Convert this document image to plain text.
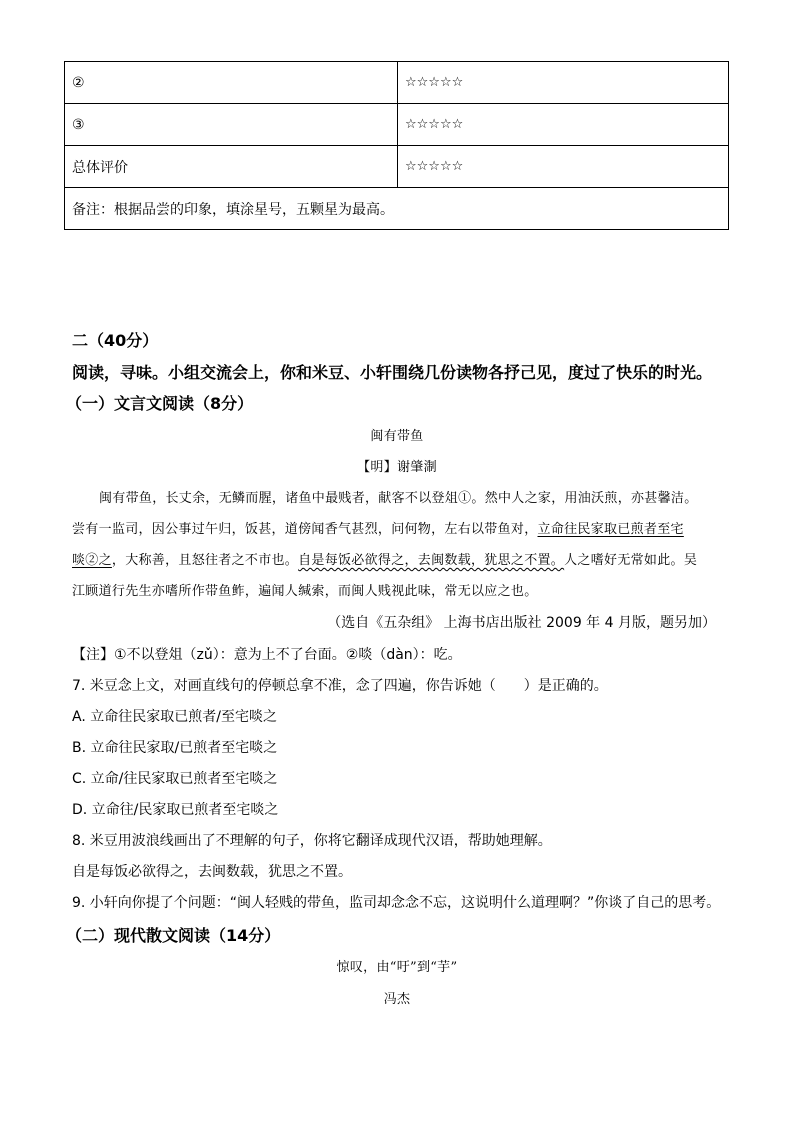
②	☆☆☆☆☆
③	☆☆☆☆☆
总体评价	☆☆☆☆☆
备注：根据品尝的印象，填涂星号，五颗星为最高。	
二（40分）
阅读，寻味。小组交流会上，你和米豆、小轩围绕几份读物各抒己见，度过了快乐的时光。
（一）文言文阅读（8分）
闽有带鱼
【明】谢肇淛
闽有带鱼，长丈余，无鳞而腥，诸鱼中最贱者，献客不以登俎①。然中人之家，用油沃煎，亦甚馨洁。
尝有一监司，因公事过午归，饭甚，道傍闻香气甚烈，问何物，左右以带鱼对，立命往民家取已煎者至宅
啖②之，大称善，且怒往者之不市也。自是每饭必欲得之，去闽数载，犹思之不置。人之嗜好无常如此。吴
江顾道行先生亦嗜所作带鱼鲊，遍闻人缄索，而闽人贱视此味，常无以应之也。
（选自《五杂组》 上海书店出版社 2009 年 4 月版，题另加）
【注】①不以登俎（zǔ）：意为上不了台面。②啖（dàn）：吃。
7. 米豆念上文，对画直线句的停顿总拿不准，念了四遍，你告诉她（　　）是正确的。
A. 立命往民家取已煎者/至宅啖之
B. 立命往民家取/已煎者至宅啖之
C. 立命/往民家取已煎者至宅啖之
D. 立命往/民家取已煎者至宅啖之
8. 米豆用波浪线画出了不理解的句子，你将它翻译成现代汉语，帮助她理解。
自是每饭必欲得之，去闽数载，犹思之不置。
9. 小轩向你提了个问题：“闽人轻贱的带鱼，监司却念念不忘，这说明什么道理啊？”你谈了自己的思考。
（二）现代散文阅读（14分）
惊叹，由“吁”到“芋”
冯杰
